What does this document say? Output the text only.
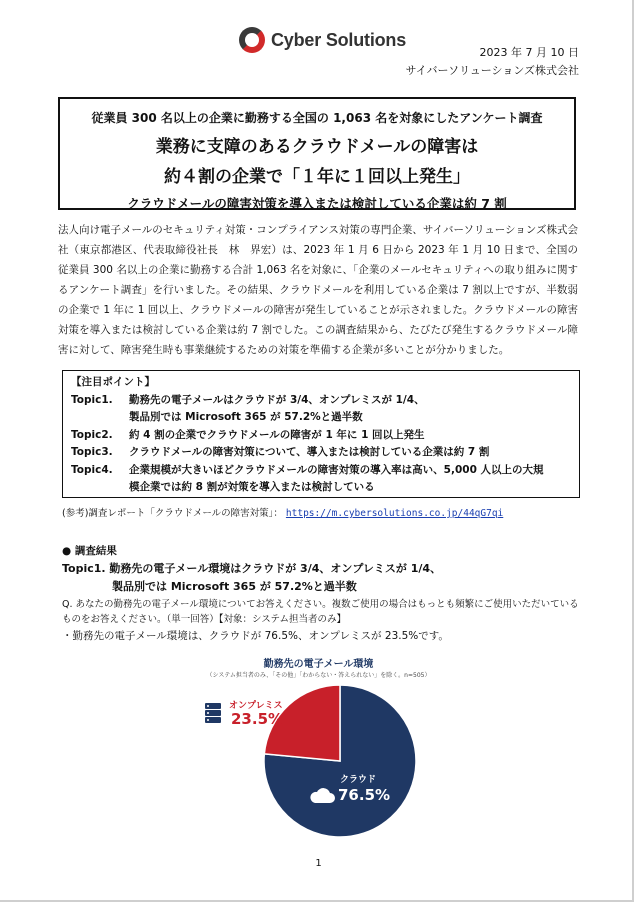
Cyber Solutions
2023 年 7 月 10 日
サイバーソリューションズ株式会社
従業員 300 名以上の企業に勤務する全国の 1,063 名を対象にしたアンケート調査
業務に支障のあるクラウドメールの障害は
約４割の企業で「１年に１回以上発生」
クラウドメールの障害対策を導入または検討している企業は約 7 割
法人向け電子メールのセキュリティ対策・コンプライアンス対策の専門企業、サイバーソリューションズ株式会社（東京都港区、代表取締役社長　林　界宏）は、2023 年 1 月 6 日から 2023 年 1 月 10 日まで、全国の従業員 300 名以上の企業に勤務する合計 1,063 名を対象に、「企業のメールセキュリティへの取り組みに関するアンケート調査」を行いました。その結果、クラウドメールを利用している企業は 7 割以上ですが、半数弱の企業で 1 年に 1 回以上、クラウドメールの障害が発生していることが示されました。クラウドメールの障害対策を導入または検討している企業は約 7 割でした。この調査結果から、たびたび発生するクラウドメール障害に対して、障害発生時も事業継続するための対策を準備する企業が多いことが分かりました。
【注目ポイント】
Topic1.	勤務先の電子メールはクラウドが 3/4、オンプレミスが 1/4、
製品別では Microsoft 365 が 57.2%と過半数
Topic2.	約 4 割の企業でクラウドメールの障害が 1 年に 1 回以上発生
Topic3.	クラウドメールの障害対策について、導入または検討している企業は約 7 割
Topic4.	企業規模が大きいほどクラウドメールの障害対策の導入率は高い、5,000 人以上の大規
模企業では約 8 割が対策を導入または検討している
(参考)調査レポート「クラウドメールの障害対策」： https://m.cybersolutions.co.jp/44qG7qi
● 調査結果
Topic1. 勤務先の電子メール環境はクラウドが 3/4、オンプレミスが 1/4、
製品別では Microsoft 365 が 57.2%と過半数
Q. あなたの勤務先の電子メール環境についてお答えください。複数ご使用の場合はもっとも頻繁にご使用いただいているものをお答えください。（単一回答）【対象：システム担当者のみ】
・勤務先の電子メール環境は、クラウドが 76.5%、オンプレミスが 23.5%です。
勤務先の電子メール環境
（システム担当者のみ、「その他」「わからない・答えられない」を除く。n=505）
オンプレミス
23.5%
クラウド
76.5%
1
